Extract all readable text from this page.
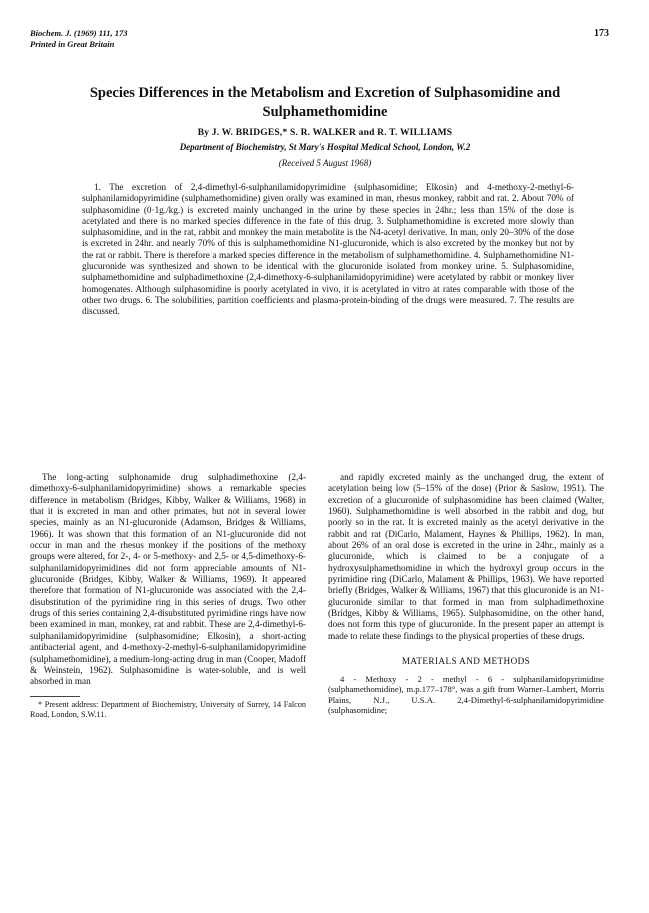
Biochem. J. (1969) 111, 173
Printed in Great Britain
173
Species Differences in the Metabolism and Excretion of Sulphasomidine and Sulphamethomidine
By J. W. BRIDGES,* S. R. WALKER and R. T. WILLIAMS
Department of Biochemistry, St Mary's Hospital Medical School, London, W.2
(Received 5 August 1968)

1. The excretion of 2,4-dimethyl-6-sulphanilamidopyrimidine (sulphasomidine; Elkosin) and 4-methoxy-2-methyl-6-sulphanilamidopyrimidine (sulphamethomidine) given orally was examined in man, rhesus monkey, rabbit and rat. 2. About 70% of sulphasomidine (0·1g./kg.) is excreted mainly unchanged in the urine by these species in 24hr.; less than 15% of the dose is acetylated and there is no marked species difference in the fate of this drug. 3. Sulphamethomidine is excreted more slowly than sulphasomidine, and in the rat, rabbit and monkey the main metabolite is the N4-acetyl derivative. In man, only 20–30% of the dose is excreted in 24hr. and nearly 70% of this is sulphamethomidine N1-glucuronide, which is also excreted by the monkey but not by the rat or rabbit. There is therefore a marked species difference in the metabolism of sulphamethomidine. 4. Sulphamethomidine N1-glucuronide was synthesized and shown to be identical with the glucuronide isolated from monkey urine. 5. Sulphasomidine, sulphamethomidine and sulphadimethoxine (2,4-dimethoxy-6-sulphanilamidopyrimidine) were acetylated by rabbit or monkey liver homogenates. Although sulphasomidine is poorly acetylated in vivo, it is acetylated in vitro at rates comparable with those of the other two drugs. 6. The solubilities, partition coefficients and plasma-protein-binding of the drugs were measured. 7. The results are discussed.

The long-acting sulphonamide drug sulphadimethoxine (2,4-dimethoxy-6-sulphanilamidopyrimidine) shows a remarkable species difference in metabolism (Bridges, Kibby, Walker & Williams, 1968) in that it is excreted in man and other primates, but not in several lower species, mainly as an N1-glucuronide (Adamson, Bridges & Williams, 1966). It was shown that this formation of an N1-glucuronide did not occur in man and the rhesus monkey if the positions of the methoxy groups were altered, for 2-, 4- or 5-methoxy- and 2,5- or 4,5-dimethoxy-6-sulphanilamidopyrimidines did not form appreciable amounts of N1-glucuronide (Bridges, Kibby, Walker & Williams, 1969). It appeared therefore that formation of N1-glucuronide was associated with the 2,4-disubstitution of the pyrimidine ring in this series of drugs. Two other drugs of this series containing 2,4-disubstituted pyrimidine rings have now been examined in man, monkey, rat and rabbit. These are 2,4-dimethyl-6-sulphanilamidopyrimidine (sulphasomidine; Elkosin), a short-acting antibacterial agent, and 4-methoxy-2-methyl-6-sulphanilamidopyrimidine (sulphamethomidine), a medium-long-acting drug in man (Cooper, Madoff & Weinstein, 1962). Sulphasomidine is water-soluble, and is well absorbed in man

* Present address: Department of Biochemistry, University of Surrey, 14 Falcon Road, London, S.W.11.

and rapidly excreted mainly as the unchanged drug, the extent of acetylation being low (5–15% of the dose) (Prior & Saslow, 1951). The excretion of a glucuronide of sulphasomidine has been claimed (Walter, 1960). Sulphamethomidine is well absorbed in the rabbit and dog, but poorly so in the rat. It is excreted mainly as the acetyl derivative in the rabbit and rat (DiCarlo, Malament, Haynes & Phillips, 1962). In man, about 26% of an oral dose is excreted in the urine in 24hr., mainly as a glucuronide, which is claimed to be a conjugate of a hydroxysulphamethomidine in which the hydroxyl group occurs in the pyrimidine ring (DiCarlo, Malament & Phillips, 1963). We have reported briefly (Bridges, Walker & Williams, 1967) that this glucuronide is an N1-glucuronide similar to that formed in man from sulphadimethoxine (Bridges, Kibby & Williams, 1965). Sulphasomidine, on the other hand, does not form this type of glucuronide. In the present paper an attempt is made to relate these findings to the physical properties of these drugs.

MATERIALS AND METHODS

4 - Methoxy - 2 - methyl - 6 - sulphanilamidopyrimidine (sulphamethomidine), m.p.177–178°, was a gift from Warner–Lambert, Morris Plains, N.J., U.S.A. 2,4-Dimethyl-6-sulphanilamidopyrimidine (sulphasomidine;
